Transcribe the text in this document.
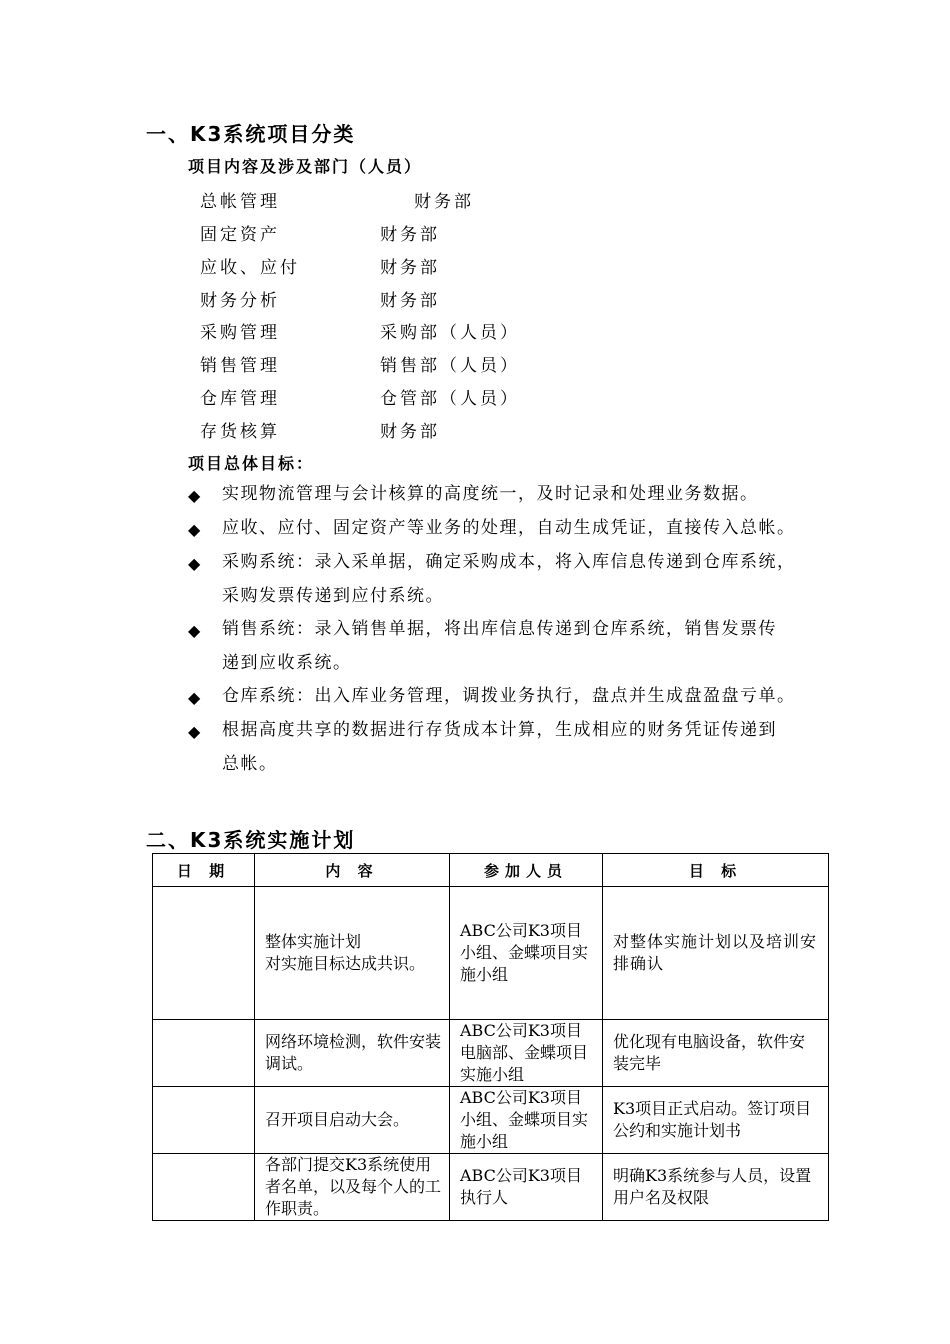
一、K3系统项目分类
项目内容及涉及部门（人员）
总帐管理	财务部
固定资产	财务部
应收、应付	财务部
财务分析	财务部
采购管理	采购部（人员）
销售管理	销售部（人员）
仓库管理	仓管部（人员）
存货核算	财务部
项目总体目标：
◆ 实现物流管理与会计核算的高度统一，及时记录和处理业务数据。
◆ 应收、应付、固定资产等业务的处理，自动生成凭证，直接传入总帐。
◆ 采购系统：录入采单据，确定采购成本，将入库信息传递到仓库系统，
采购发票传递到应付系统。
◆ 销售系统：录入销售单据，将出库信息传递到仓库系统，销售发票传
递到应收系统。
◆ 仓库系统：出入库业务管理，调拨业务执行，盘点并生成盘盈盘亏单。
◆ 根据高度共享的数据进行存货成本计算，生成相应的财务凭证传递到
总帐。
二、K3系统实施计划
日 期	内 容	参加人员	目 标

	整体实施计划
对实施目标达成共识。	ABC公司K3项目小组、金蝶项目实施小组	对整体实施计划以及培训安排确认

	网络环境检测，软件安装调试。	ABC公司K3项目电脑部、金蝶项目实施小组	优化现有电脑设备，软件安装完毕

	召开项目启动大会。	ABC公司K3项目小组、金蝶项目实施小组	K3项目正式启动。签订项目公约和实施计划书

	各部门提交K3系统使用者名单，以及每个人的工作职责。	ABC公司K3项目执行人	明确K3系统参与人员，设置用户名及权限
